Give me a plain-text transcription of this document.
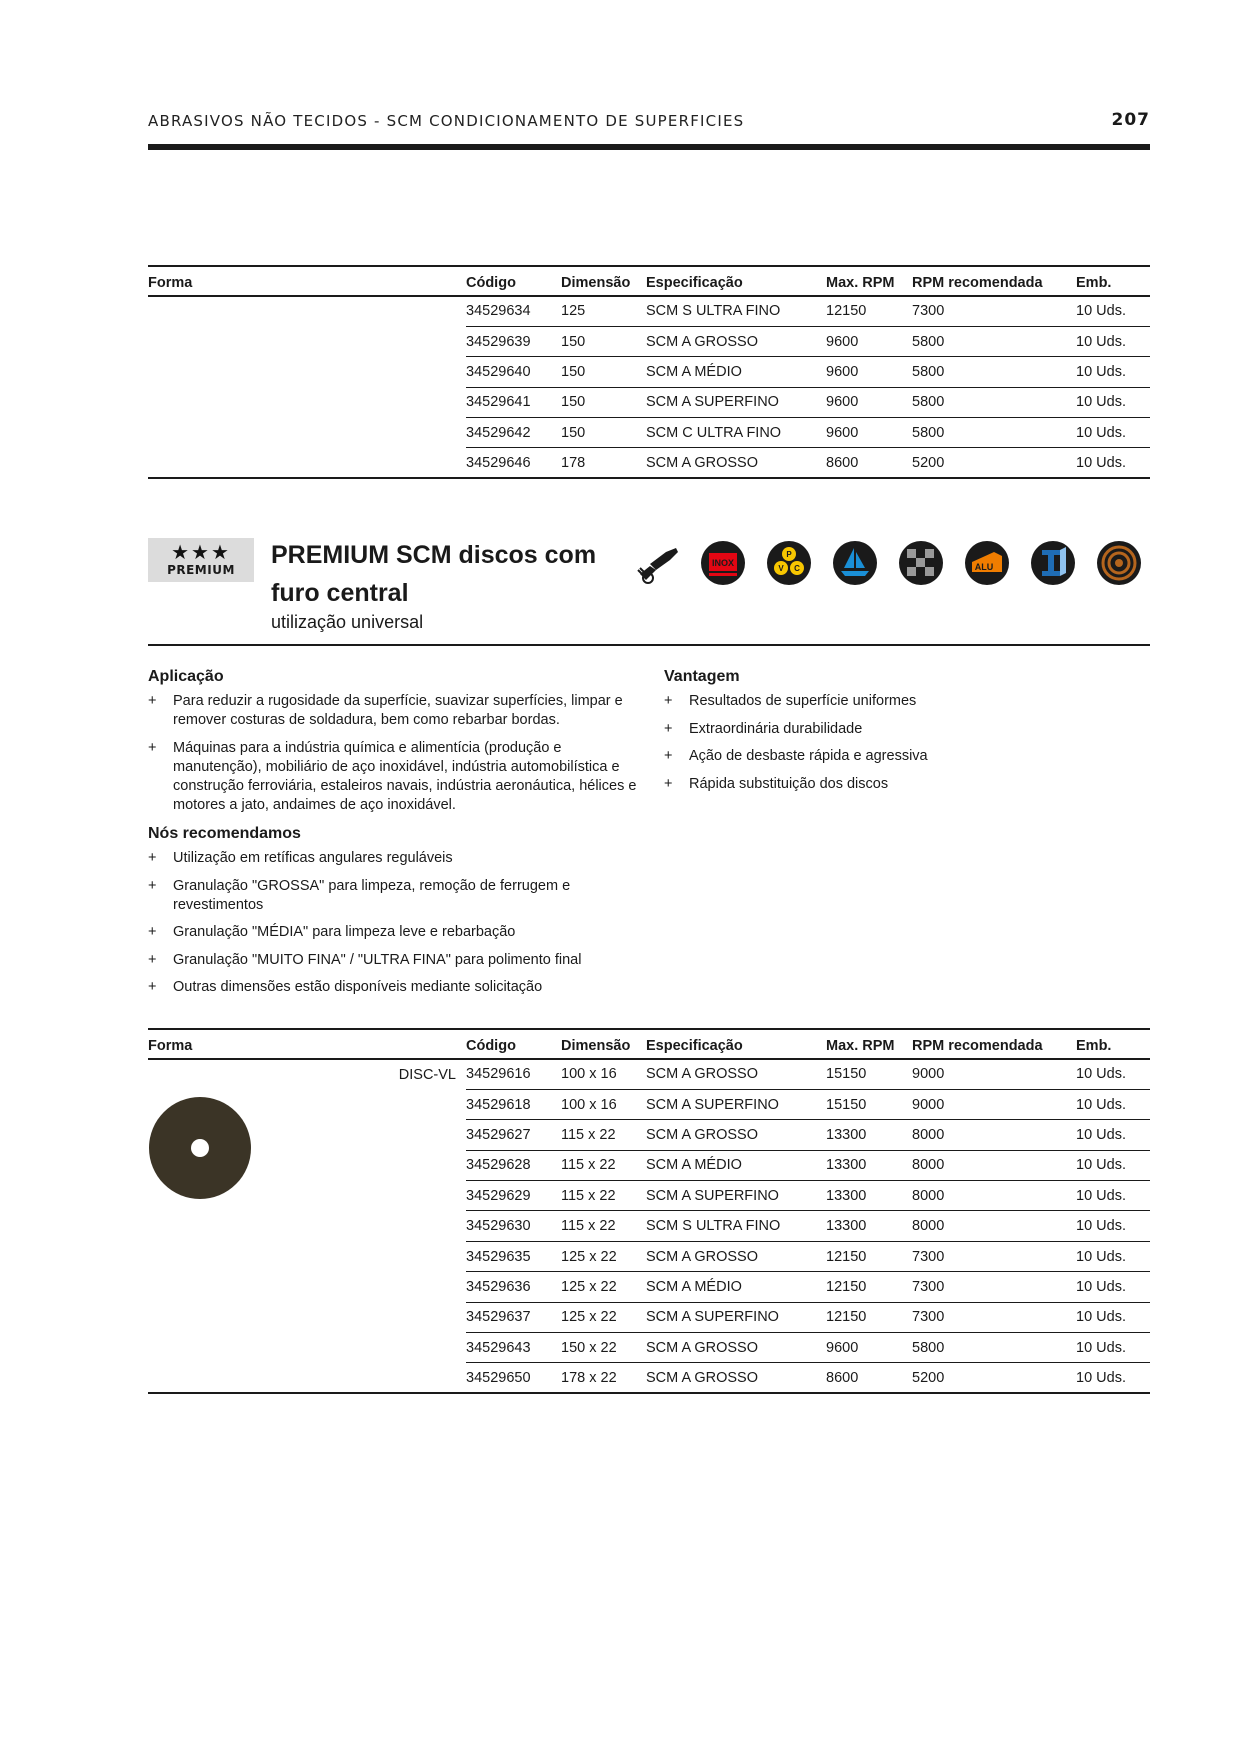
ABRASIVOS NÃO TECIDOS - SCM CONDICIONAMENTO DE SUPERFICIES	207
Forma	Código	Dimensão	Especificação	Max. RPM	RPM recomendada	Emb.
	34529634	125	SCM S ULTRA FINO	12150	7300	10 Uds.
	34529639	150	SCM A GROSSO	9600	5800	10 Uds.
	34529640	150	SCM A MÉDIO	9600	5800	10 Uds.
	34529641	150	SCM A SUPERFINO	9600	5800	10 Uds.
	34529642	150	SCM C ULTRA FINO	9600	5800	10 Uds.
	34529646	178	SCM A GROSSO	8600	5200	10 Uds.
★★★
PREMIUM
PREMIUM SCM discos com furo central
utilização universal
INOX
P
V C	ALU
Aplicação
+ Para reduzir a rugosidade da superfície, suavizar superfícies, limpar e remover costuras de soldadura, bem como rebarbar bordas.
+ Máquinas para a indústria química e alimentícia (produção e manutenção), mobiliário de aço inoxidável, indústria automobilística e construção ferroviária, estaleiros navais, indústria aeronáutica, hélices e motores a jato, andaimes de aço inoxidável.
Nós recomendamos
+ Utilização em retíficas angulares reguláveis
+ Granulação "GROSSA" para limpeza, remoção de ferrugem e revestimentos
+ Granulação "MÉDIA" para limpeza leve e rebarbação
+ Granulação "MUITO FINA" / "ULTRA FINA" para polimento final
+ Outras dimensões estão disponíveis mediante solicitação
Vantagem
+ Resultados de superfície uniformes
+ Extraordinária durabilidade
+ Ação de desbaste rápida e agressiva
+ Rápida substituição dos discos
Forma	Código	Dimensão	Especificação	Max. RPM	RPM recomendada	Emb.

DISC-VL	34529616	100 x 16	SCM A GROSSO	15150	9000	10 Uds.
	34529618	100 x 16	SCM A SUPERFINO	15150	9000	10 Uds.
	34529627	115 x 22	SCM A GROSSO	13300	8000	10 Uds.
	34529628	115 x 22	SCM A MÉDIO	13300	8000	10 Uds.
	34529629	115 x 22	SCM A SUPERFINO	13300	8000	10 Uds.
	34529630	115 x 22	SCM S ULTRA FINO	13300	8000	10 Uds.
	34529635	125 x 22	SCM A GROSSO	12150	7300	10 Uds.
	34529636	125 x 22	SCM A MÉDIO	12150	7300	10 Uds.
	34529637	125 x 22	SCM A SUPERFINO	12150	7300	10 Uds.
	34529643	150 x 22	SCM A GROSSO	9600	5800	10 Uds.
	34529650	178 x 22	SCM A GROSSO	8600	5200	10 Uds.
